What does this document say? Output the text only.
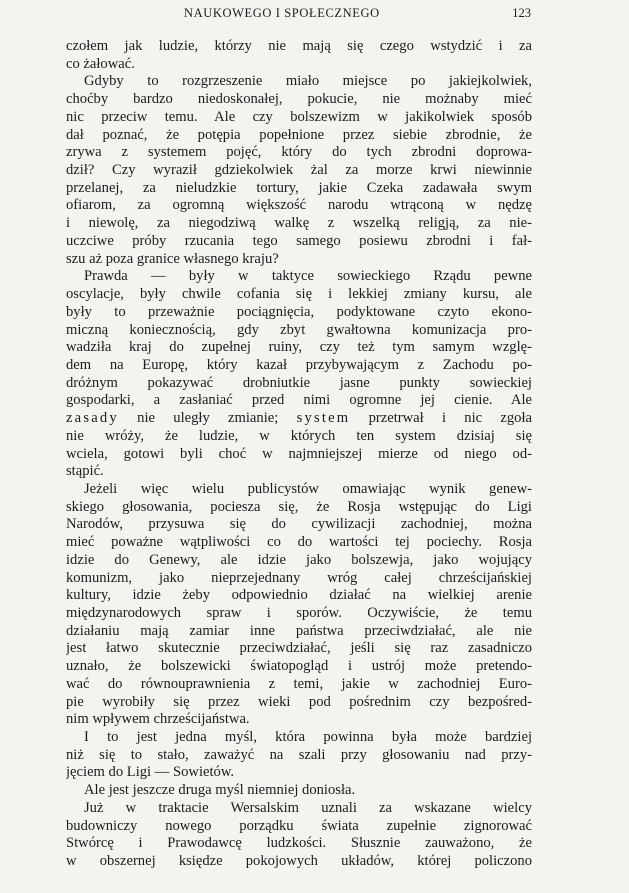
NAUKOWEGO I SPOŁECZNEGO	123
czołem jak ludzie, którzy nie mają się czego wstydzić i za
co żałować.
Gdyby to rozgrzeszenie miało miejsce po jakiejkolwiek,
choćby bardzo niedoskonałej, pokucie, nie możnaby mieć
nic przeciw temu. Ale czy bolszewizm w jakikolwiek sposób
dał poznać, że potępia popełnione przez siebie zbrodnie, że
zrywa z systemem pojęć, który do tych zbrodni doprowa-
dził? Czy wyraził gdziekolwiek żal za morze krwi niewinnie
przelanej, za nieludzkie tortury, jakie Czeka zadawała swym
ofiarom, za ogromną większość narodu wtrąconą w nędzę
i niewolę, za niegodziwą walkę z wszelką religją, za nie-
uczciwe próby rzucania tego samego posiewu zbrodni i fał-
szu aż poza granice własnego kraju?
Prawda — były w taktyce sowieckiego Rządu pewne
oscylacje, były chwile cofania się i lekkiej zmiany kursu, ale
były to przeważnie pociągnięcia, podyktowane czyto ekono-
miczną koniecznością, gdy zbyt gwałtowna komunizacja pro-
wadziła kraj do zupełnej ruiny, czy też tym samym wzglę-
dem na Europę, który kazał przybywającym z Zachodu po-
dróżnym pokazywać drobniutkie jasne punkty sowieckiej
gospodarki, a zasłaniać przed nimi ogromne jej cienie. Ale
zasady nie uległy zmianie; system przetrwał i nic zgoła
nie wróży, że ludzie, w których ten system dzisiaj się
wciela, gotowi byli choć w najmniejszej mierze od niego od-
stąpić.
Jeżeli więc wielu publicystów omawiając wynik genew-
skiego głosowania, pociesza się, że Rosja wstępując do Ligi
Narodów, przysuwa się do cywilizacji zachodniej, można
mieć poważne wątpliwości co do wartości tej pociechy. Rosja
idzie do Genewy, ale idzie jako bolszewja, jako wojujący
komunizm, jako nieprzejednany wróg całej chrześcijańskiej
kultury, idzie żeby odpowiednio działać na wielkiej arenie
międzynarodowych spraw i sporów. Oczywiście, że temu
działaniu mają zamiar inne państwa przeciwdziałać, ale nie
jest łatwo skutecznie przeciwdziałać, jeśli się raz zasadniczo
uznało, że bolszewicki światopogląd i ustrój może pretendo-
wać do równouprawnienia z temi, jakie w zachodniej Euro-
pie wyrobiły się przez wieki pod pośrednim czy bezpośred-
nim wpływem chrześcijaństwa.
I to jest jedna myśl, która powinna była może bardziej
niż się to stało, zaważyć na szali przy głosowaniu nad przy-
jęciem do Ligi — Sowietów.
Ale jest jeszcze druga myśl niemniej doniosła.
Już w traktacie Wersalskim uznali za wskazane wielcy
budowniczy nowego porządku świata zupełnie zignorować
Stwórcę i Prawodawcę ludzkości. Słusznie zauważono, że
w obszernej księdze pokojowych układów, której policzono
